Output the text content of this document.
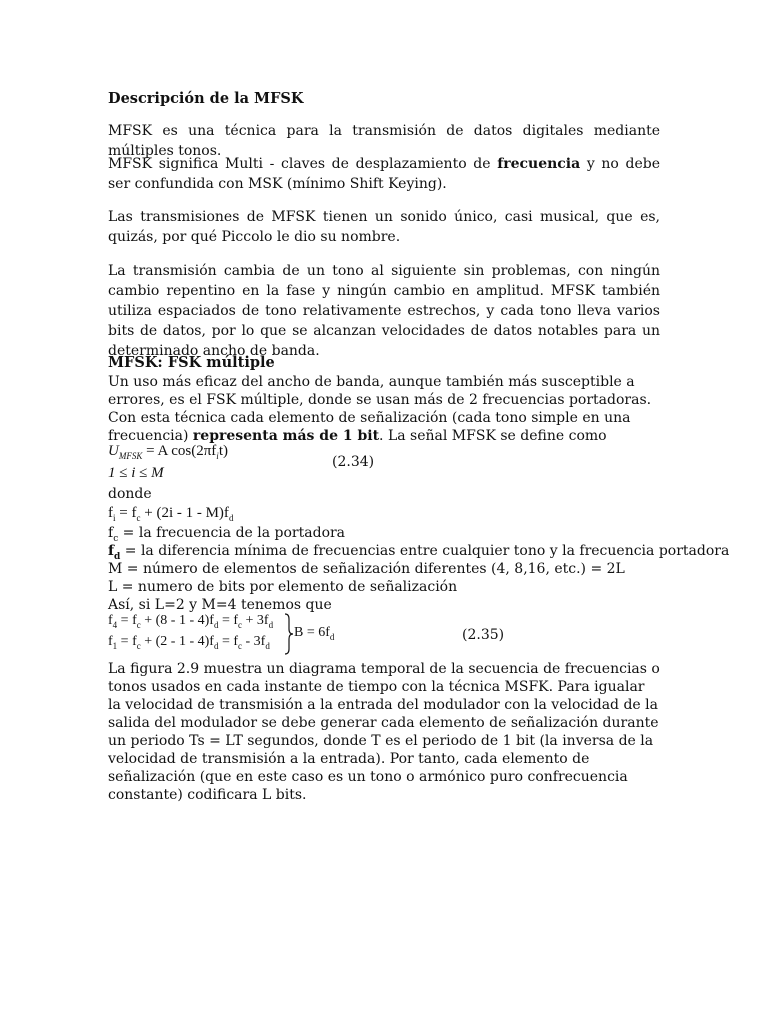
Descripción de la MFSK
MFSK es una técnica para la transmisión de datos digitales mediante múltiples tonos.
MFSK significa Multi - claves de desplazamiento de frecuencia y no debe ser confundida con MSK (mínimo Shift Keying).
Las transmisiones de MFSK tienen un sonido único, casi musical, que es, quizás, por qué Piccolo le dio su nombre.
La transmisión cambia de un tono al siguiente sin problemas, con ningún cambio repentino en la fase y ningún cambio en amplitud. MFSK también utiliza espaciados de tono relativamente estrechos, y cada tono lleva varios bits de datos, por lo que se alcanzan velocidades de datos notables para un determinado ancho de banda.
MFSK: FSK múltiple
Un uso más eficaz del ancho de banda, aunque también más susceptible a errores, es el FSK múltiple, donde se usan más de 2 frecuencias portadoras. Con esta técnica cada elemento de señalización (cada tono simple en una frecuencia) representa más de 1 bit. La señal MFSK se define como
$U_{MFSK} = A$ $\cos(2\pi f_it)$
1 ≤ i ≤ M
(2.34)
donde
$f_i = f_c + (2i - 1 - M)f_d$
$f_c$ = la frecuencia de la portadora
$f_d$ = la diferencia mínima de frecuencias entre cualquier tono y la frecuencia portadora
M = número de elementos de señalización diferentes (4, 8,16, etc.) = 2L
L = numero de bits por elemento de señalización
Así, si L=2 y M=4 tenemos que
$f_4 = f_c + (8 - 1 - 4)f_d = f_c + 3f_d$
$f_1 = f_c + (2 - 1 - 4)f_d = f_c - 3f_d$
$B = 6f_d$	(2.35)
La figura 2.9 muestra un diagrama temporal de la secuencia de frecuencias o tonos usados en cada instante de tiempo con la técnica MSFK. Para igualar la velocidad de transmisión a la entrada del modulador con la velocidad de la salida del modulador se debe generar cada elemento de señalización durante un periodo Ts = LT segundos, donde T es el periodo de 1 bit (la inversa de la velocidad de transmisión a la entrada). Por tanto, cada elemento de señalización (que en este caso es un tono o armónico puro confrecuencia constante) codificara L bits.
